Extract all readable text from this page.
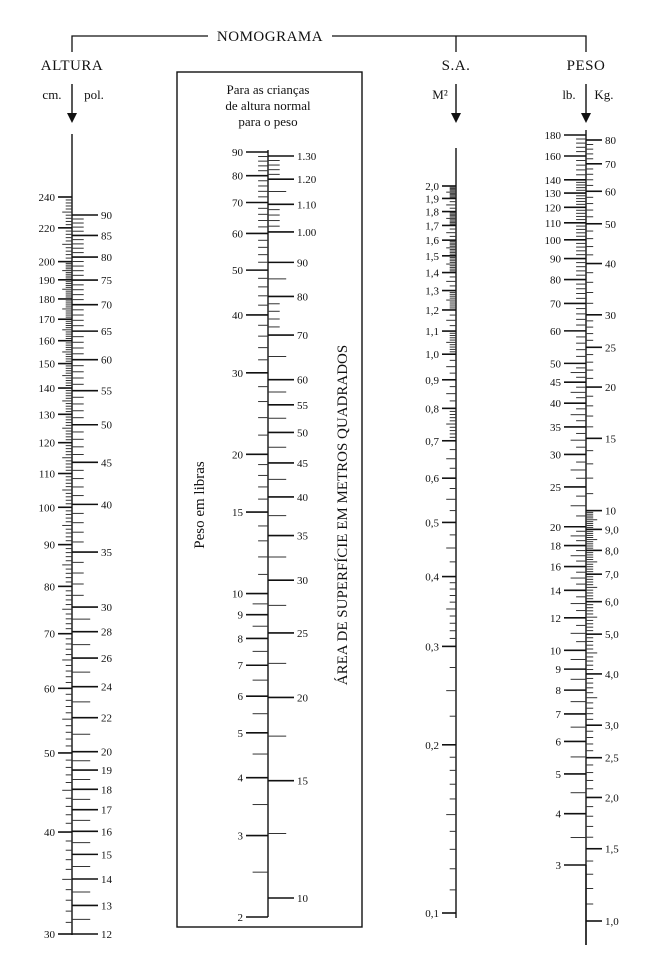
NOMOGRAMA
ALTURA
cm. pol.
S.A.
M²
PESO
lb. Kg.
Para as crianças
de altura normal
para o peso
Peso em libras	ÁREA DE SUPERFÍCIE EM METROS QUADRADOS
240
220
200
190
180
170
160
150
140
130
120
110
100
90
80
70
60
50
40
30
90
85
80
75
70
65
60
55
50
45
40
35
30
28
26
24
22
20
19
18
17
16
15
14
13
12
90
80
70
60
50
40
30
20
15
10
9
8
7
6
5
4
3
2
1.30
1.20
1.10
1.00
90
80
70
60
55
50
45
40
35
30
25
20
15
10
2,0
1,9
1,8
1,7
1,6
1,5
1,4
1,3
1,2
1,1
1,0
0,9
0,8
0,7
0,6
0,5
0,4
0,3
0,2
0,1
180
160
140
130
120
110
100
90
80
70
60
50
45
40
35
30
25
20
18
16
14
12
10
9
8
7
6
5
4
3
80
70
60
50
40
30
25
20
15
10
9,0
8,0
7,0
6,0
5,0
4,0
3,0
2,5
2,0
1,5
1,0
